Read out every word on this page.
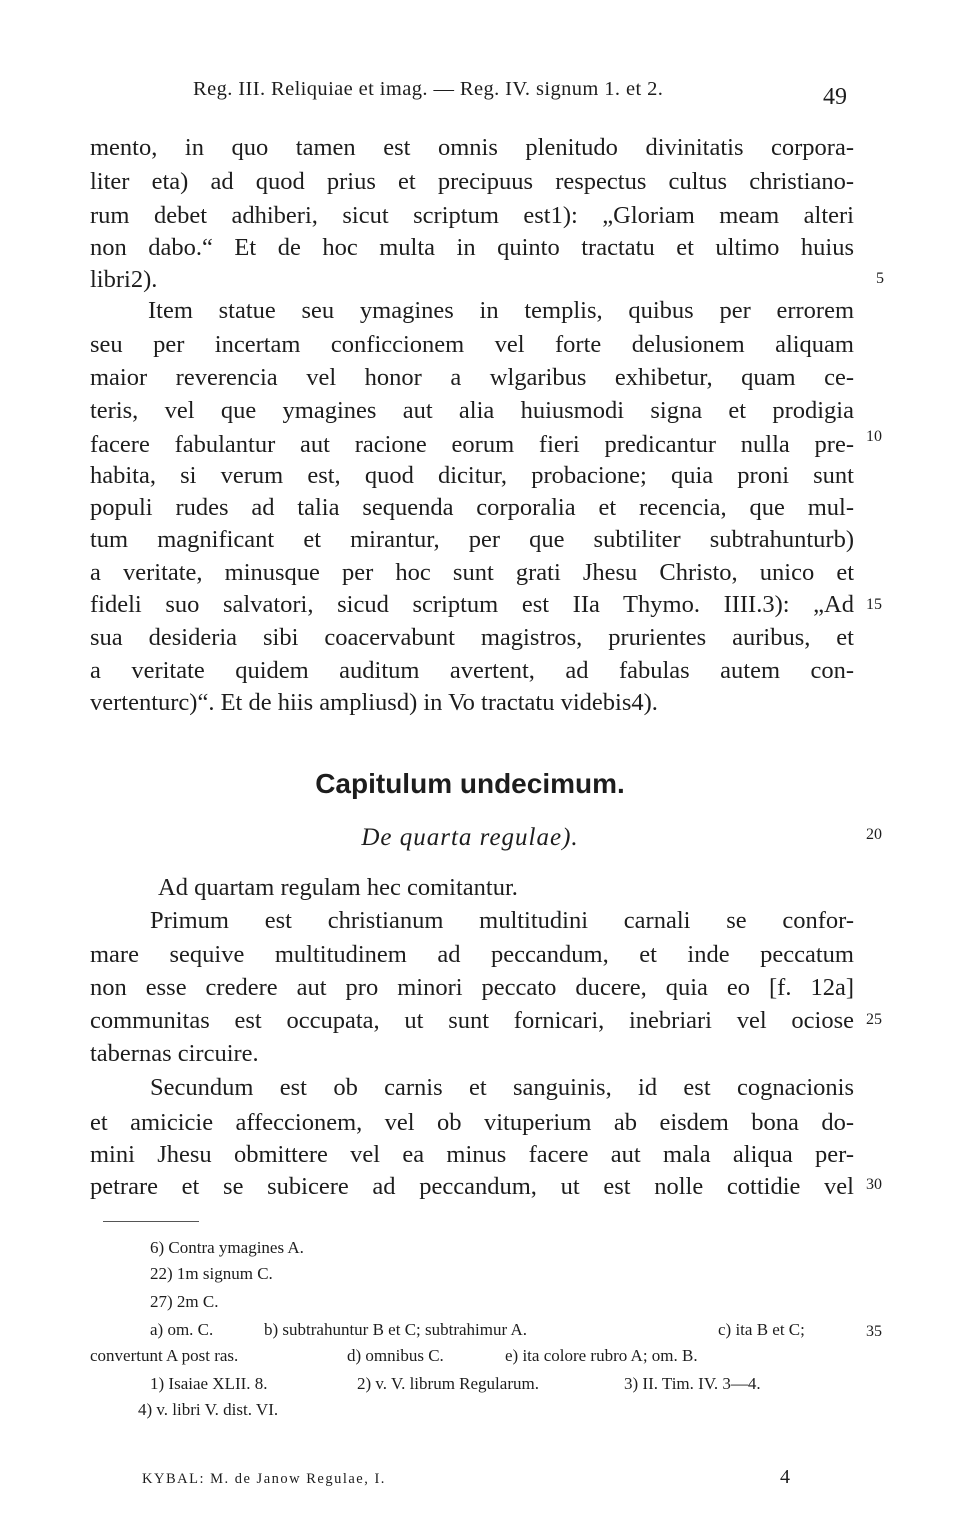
Reg. III. Reliquiae et imag. — Reg. IV. signum 1. et 2.	49
mento, in quo tamen est omnis plenitudo divinitatis corpora-
liter eta) ad quod prius et precipuus respectus cultus christiano-
rum debet adhiberi, sicut scriptum est1): „Gloriam meam alteri
non dabo.“ Et de hoc multa in quinto tractatu et ultimo huius
libri2).
Item statue seu ymagines in templis, quibus per errorem
seu per incertam conficcionem vel forte delusionem aliquam
maior reverencia vel honor a wlgaribus exhibetur, quam ce-
teris, vel que ymagines aut alia huiusmodi signa et prodigia
facere fabulantur aut racione eorum fieri predicantur nulla pre-
habita, si verum est, quod dicitur, probacione; quia proni sunt
populi rudes ad talia sequenda corporalia et recencia, que mul-
tum magnificant et mirantur, per que subtiliter subtrahunturb)
a veritate, minusque per hoc sunt grati Jhesu Christo, unico et
fideli suo salvatori, sicud scriptum est IIa Thymo. IIII.3): „Ad
sua desideria sibi coacervabunt magistros, prurientes auribus, et
a veritate quidem auditum avertent, ad fabulas autem con-
vertenturc)“. Et de hiis ampliusd) in Vo tractatu videbis4).
Ad quartam regulam hec comitantur.
Primum est christianum multitudini carnali se confor-
mare sequive multitudinem ad peccandum, et inde peccatum
non esse credere aut pro minori peccato ducere, quia eo [f. 12a]
communitas est occupata, ut sunt fornicari, inebriari vel ociose
tabernas circuire.
Secundum est ob carnis et sanguinis, id est cognacionis
et amicicie affeccionem, vel ob vituperium ab eisdem bona do-
mini Jhesu obmittere vel ea minus facere aut mala aliqua per-
petrare et se subicere ad peccandum, ut est nolle cottidie vel
Capitulum undecimum.
De quarta regulae).
5
10
15
20
25
30
35
6) Contra ymagines A.
22) 1m signum C.
27) 2m C.
a) om. C.	b) subtrahuntur B et C; subtrahimur A.	c) ita B et C;
convertunt A post ras.	d) omnibus C.	e) ita colore rubro A; om. B.
1) Isaiae XLII. 8.	2) v. V. librum Regularum.	3) II. Tim. IV. 3—4.
4) v. libri V. dist. VI.
KYBAL: M. de Janow Regulae, I.	4
